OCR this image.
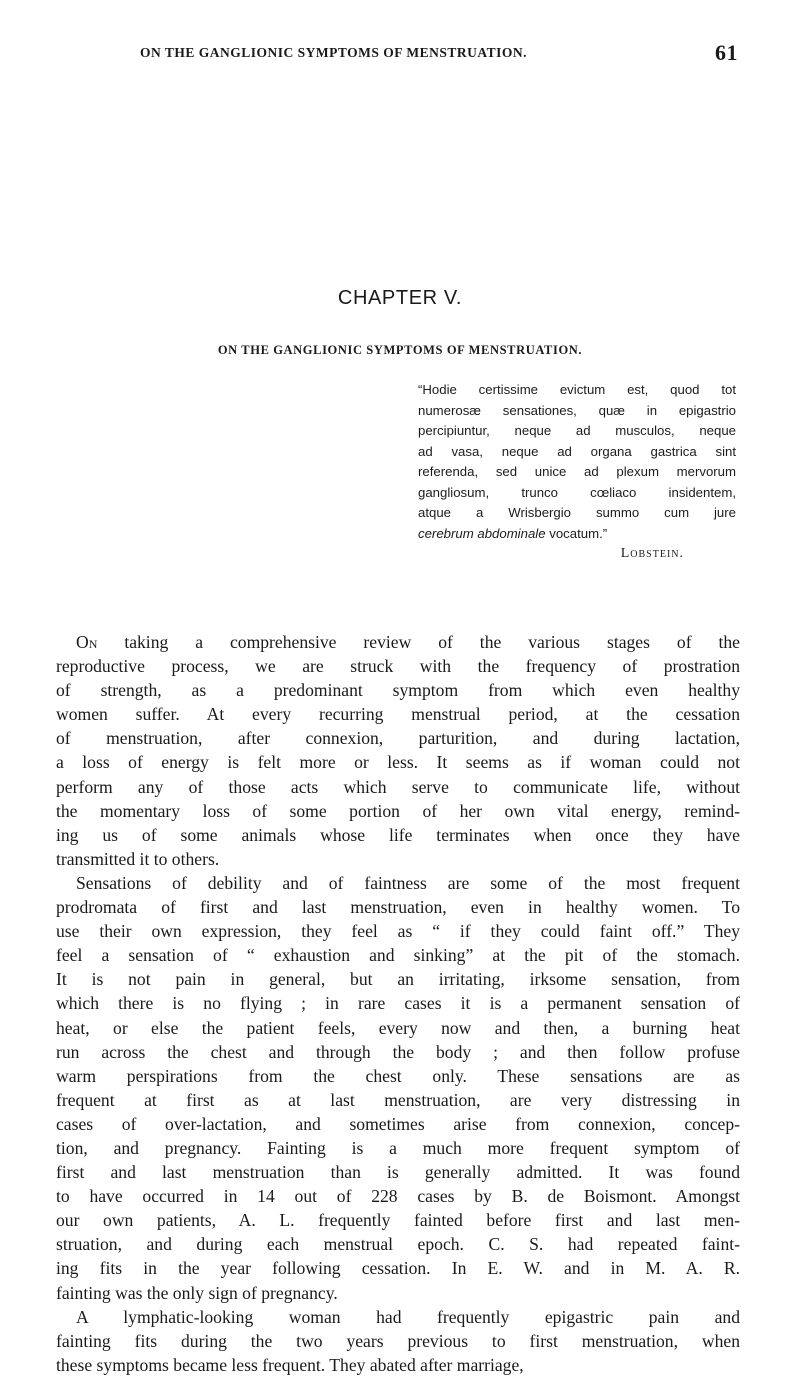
ON THE GANGLIONIC SYMPTOMS OF MENSTRUATION.	61
CHAPTER V.
ON THE GANGLIONIC SYMPTOMS OF MENSTRUATION.
“Hodie certissime evictum est, quod tot
numerosæ sensationes, quæ in epigastrio
percipiuntur, neque ad musculos, neque
ad vasa, neque ad organa gastrica sint
referenda, sed unice ad plexum mervorum
gangliosum, trunco cœliaco insidentem,
atque a Wrisbergio summo cum jure
cerebrum abdominale vocatum.”
Lobstein.
On taking a comprehensive review of the various stages of the
reproductive process, we are struck with the frequency of prostration
of strength, as a predominant symptom from which even healthy
women suffer. At every recurring menstrual period, at the cessation
of menstruation, after connexion, parturition, and during lactation,
a loss of energy is felt more or less. It seems as if woman could not
perform any of those acts which serve to communicate life, without
the momentary loss of some portion of her own vital energy, remind-
ing us of some animals whose life terminates when once they have
transmitted it to others.
Sensations of debility and of faintness are some of the most frequent
prodromata of first and last menstruation, even in healthy women. To
use their own expression, they feel as “ if they could faint off.” They
feel a sensation of “ exhaustion and sinking” at the pit of the stomach.
It is not pain in general, but an irritating, irksome sensation, from
which there is no flying ; in rare cases it is a permanent sensation of
heat, or else the patient feels, every now and then, a burning heat
run across the chest and through the body ; and then follow profuse
warm perspirations from the chest only. These sensations are as
frequent at first as at last menstruation, are very distressing in
cases of over-lactation, and sometimes arise from connexion, concep-
tion, and pregnancy. Fainting is a much more frequent symptom of
first and last menstruation than is generally admitted. It was found
to have occurred in 14 out of 228 cases by B. de Boismont. Amongst
our own patients, A. L. frequently fainted before first and last men-
struation, and during each menstrual epoch. C. S. had repeated faint-
ing fits in the year following cessation. In E. W. and in M. A. R.
fainting was the only sign of pregnancy.
A lymphatic-looking woman had frequently epigastric pain and
fainting fits during the two years previous to first menstruation, when
these symptoms became less frequent. They abated after marriage,
